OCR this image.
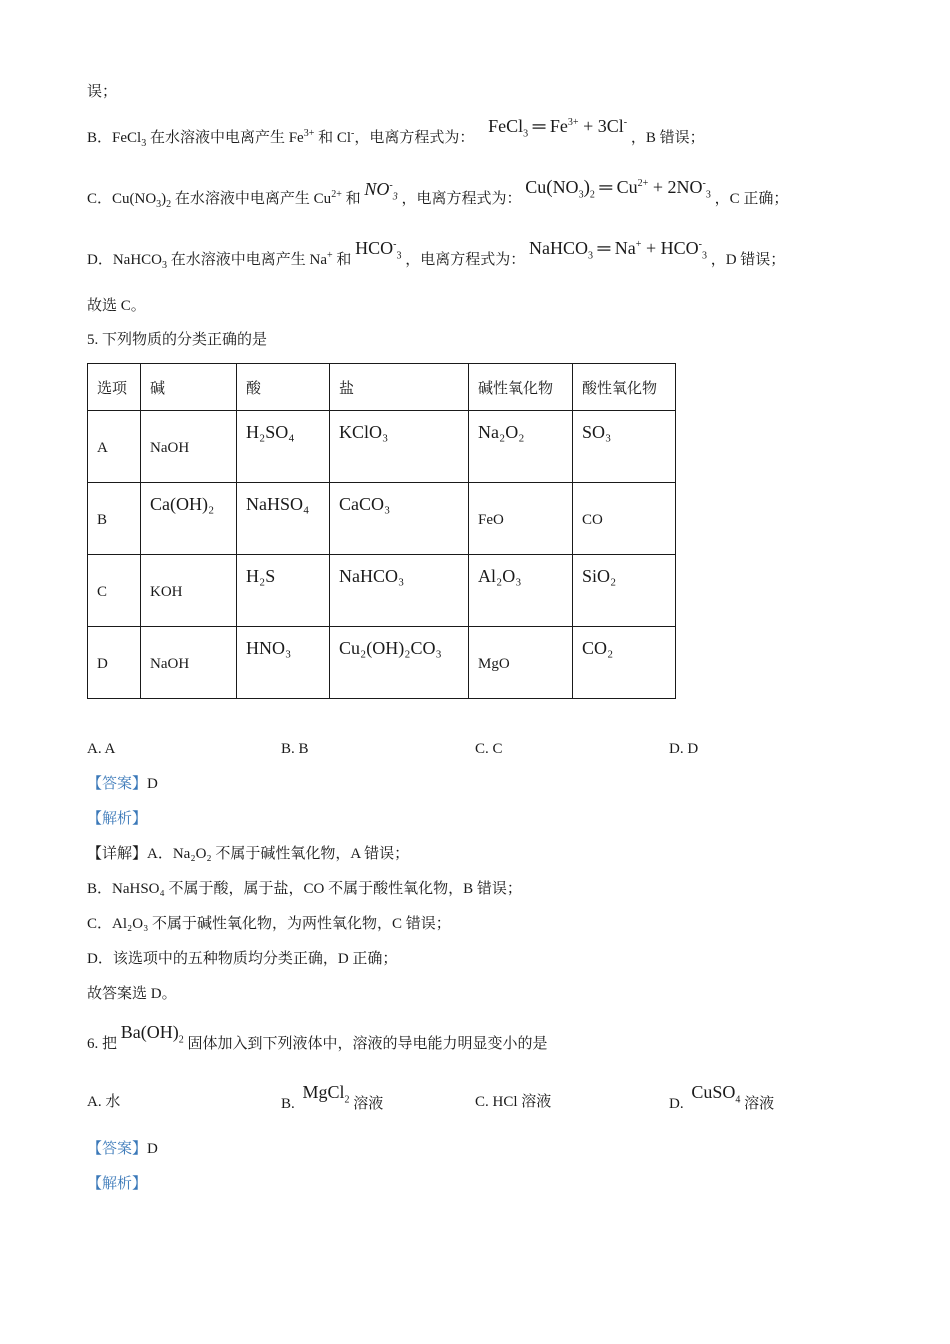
误；
B．FeCl$_3$ 在水溶液中电离产生 $Fe^{3+}$ 和 Cl-，电离方程式为： FeCl$_3$ ═ $Fe^{3+} + 3Cl^-$ ，B 错误；
C．$Cu(NO_3)_2$ 在水溶液中电离产生 $Cu^{2+}$ 和 $NO^-_3$ ，电离方程式为： $Cu(NO_3)_2$ ═ $Cu^{2+} + 2NO^-_3$ ，C 正确；
D．NaHCO$_3$ 在水溶液中电离产生 Na+ 和 $HCO^-_3$ ，电离方程式为： NaHCO$_3$ ═ $Na^+ + HCO^-_3$ ，D 错误；
故选 C。
5. 下列物质的分类正确的是
选项	碱	酸	盐	碱性氧化物	酸性氧化物
A	NaOH	H₂SO₄	KClO₃	Na₂O₂	SO₃
B	Ca(OH)₂	NaHSO₄	CaCO₃	FeO	CO
C	KOH	H₂S	NaHCO₃	Al₂O₃	SiO₂
D	NaOH	HNO₃	Cu₂(OH)₂CO₃	MgO	CO₂
A. A	B. B	C. C	D. D
【答案】D
【解析】
【详解】A．Na₂O₂ 不属于碱性氧化物，A 错误；
B．NaHSO₄ 不属于酸，属于盐，CO 不属于酸性氧化物，B 错误；
C．Al₂O₃ 不属于碱性氧化物，为两性氧化物，C 错误；
D．该选项中的五种物质均分类正确，D 正确；
故答案选 D。
6. 把 $Ba(OH)_2$ 固体加入到下列液体中，溶液的导电能力明显变小的是
A. 水	B. MgCl$_2$ 溶液	C. HCl 溶液	D. CuSO$_4$ 溶液
【答案】D
【解析】
